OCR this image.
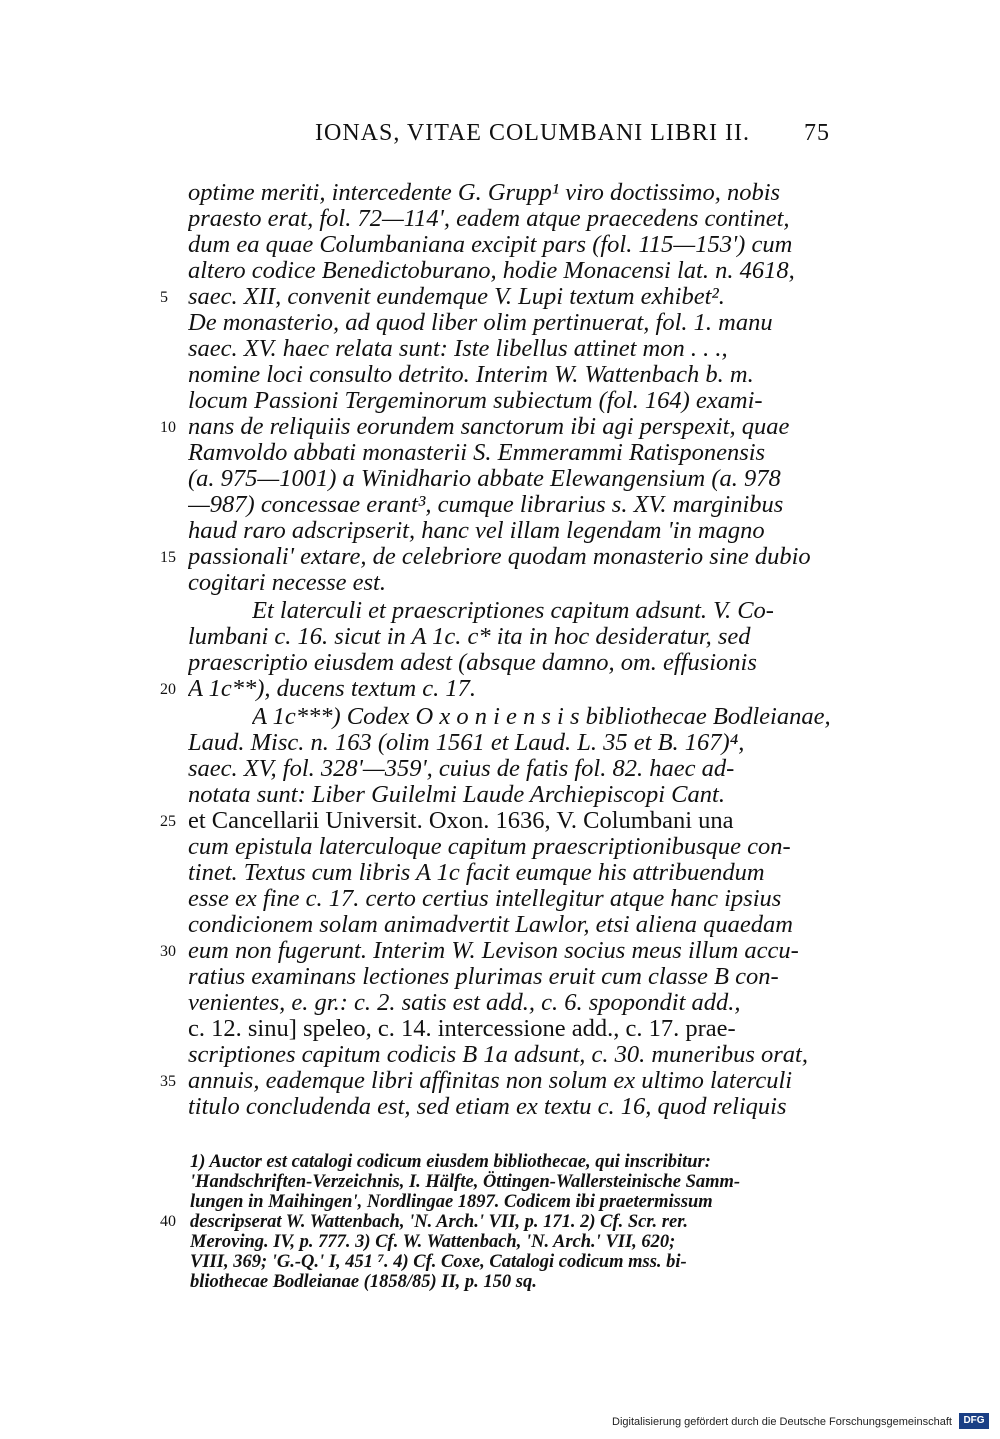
IONAS, VITAE COLUMBANI LIBRI II. 75
optime meriti, intercedente G. Grupp¹ viro doctissimo, nobis
praesto erat, fol. 72—114', eadem atque praecedens continet,
dum ea quae Columbaniana excipit pars (fol. 115—153') cum
altero codice Benedictoburano, hodie Monacensi lat. n. 4618,
5 saec. XII, convenit eundemque V. Lupi textum exhibet².
De monasterio, ad quod liber olim pertinuerat, fol. 1. manu
saec. XV. haec relata sunt: Iste libellus attinet mon . . .,
nomine loci consulto detrito. Interim W. Wattenbach b. m.
locum Passioni Tergeminorum subiectum (fol. 164) exami-
10 nans de reliquiis eorundem sanctorum ibi agi perspexit, quae
Ramvoldo abbati monasterii S. Emmerammi Ratisponensis
(a. 975—1001) a Winidhario abbate Elewangensium (a. 978
—987) concessae erant³, cumque librarius s. XV. marginibus
haud raro adscripserit, hanc vel illam legendam 'in magno
15 passionali' extare, de celebriore quodam monasterio sine dubio
cogitari necesse est.
Et laterculi et praescriptiones capitum adsunt. V. Co-
lumbani c. 16. sicut in A 1c. c* ita in hoc desideratur, sed
praescriptio eiusdem adest (absque damno, om. effusionis
20 A 1c**), ducens textum c. 17.
A 1c***) Codex O x o n i e n s i s bibliothecae Bodleianae,
Laud. Misc. n. 163 (olim 1561 et Laud. L. 35 et B. 167)⁴,
saec. XV, fol. 328'—359', cuius de fatis fol. 82. haec ad-
notata sunt: Liber Guilelmi Laude Archiepiscopi Cant.
25 et Cancellarii Universit. Oxon. 1636, V. Columbani una
cum epistula laterculoque capitum praescriptionibusque con-
tinet. Textus cum libris A 1c facit eumque his attribuendum
esse ex fine c. 17. certo certius intellegitur atque hanc ipsius
condicionem solam animadvertit Lawlor, etsi aliena quaedam
30 eum non fugerunt. Interim W. Levison socius meus illum accu-
ratius examinans lectiones plurimas eruit cum classe B con-
venientes, e. gr.: c. 2. satis est add., c. 6. spopondit add.,
c. 12. sinu] speleo, c. 14. intercessione add., c. 17. prae-
scriptiones capitum codicis B 1a adsunt, c. 30. muneribus orat,
35 annuis, eademque libri affinitas non solum ex ultimo laterculi
titulo concludenda est, sed etiam ex textu c. 16, quod reliquis
1) Auctor est catalogi codicum eiusdem bibliothecae, qui inscribitur:
'Handschriften-Verzeichnis, I. Hälfte, Öttingen-Wallersteinische Samm-
lungen in Maihingen', Nordlingae 1897. Codicem ibi praetermissum
40 descripserat W. Wattenbach, 'N. Arch.' VII, p. 171. 2) Cf. Scr. rer.
Meroving. IV, p. 777. 3) Cf. W. Wattenbach, 'N. Arch.' VII, 620;
VIII, 369; 'G.-Q.' I, 451 ⁷. 4) Cf. Coxe, Catalogi codicum mss. bi-
bliothecae Bodleianae (1858/85) II, p. 150 sq.
Digitalisierung gefördert durch die Deutsche Forschungsgemeinschaft	DFG
